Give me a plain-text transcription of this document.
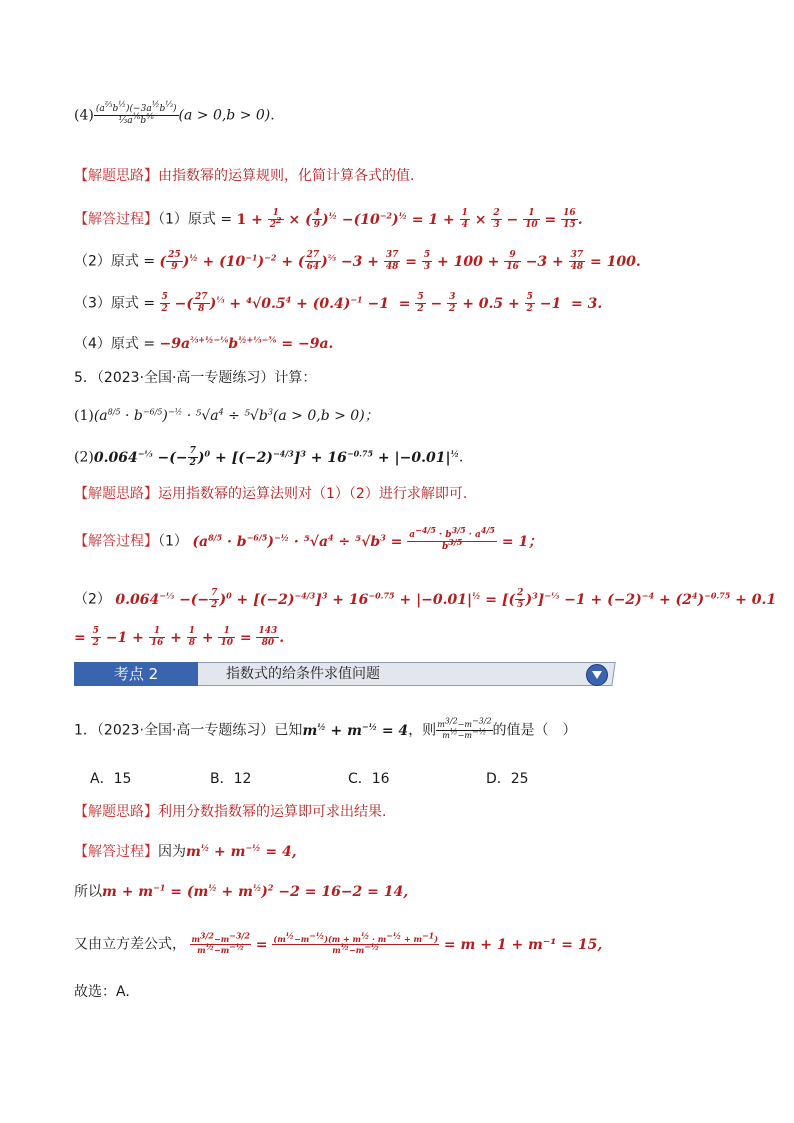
$(4) \frac{(a^{\frac{2}{3}}b^{\frac{1}{2}})(-3a^{\frac{1}{2}}b^{\frac{1}{3}})}{\frac{1}{3}a^{\frac{1}{6}}b^{\frac{5}{6}}} (a > 0,b > 0)$.
【解题思路】由指数幂的运算规则，化简计算各式的值.
【解答过程】（1）原式 = $1 + \frac{1}{2^2}$ × ( $\frac{4}{9} )^{\frac{1}{2}} -(10^{-2})^{\frac{1}{2}} = 1 + \frac{1}{4} \times \frac{2}{3} - \frac{1}{10} = \frac{16}{15}$ .
（2）原式 = ( $\frac{25}{9} )^{\frac{1}{2}} + (10^{-1})^{-2}$ + ( $\frac{27}{64} )^{\frac{2}{3}} -3 + \frac{37}{48} = \frac{5}{3} + 100 + \frac{9}{16} -3 + \frac{37}{48} = 100$.
（3）原式 = $\frac{5}{2}$ −( $\frac{27}{8} )^{\frac{1}{3}} + ^4√0.5^4 + (0.4)^{-1} -1 = \frac{5}{2} - \frac{3}{2} + 0.5 + \frac{5}{2} -1 = 3$.
（4）原式 = $-9a^{\frac{2}{3}+\frac{1}{2}-\frac{1}{6}}b^{\frac{1}{2}+\frac{1}{3}-\frac{5}{6}} = -9a$.
5．（2023·全国·高一专题练习）计算：
$(1)(a^{8/5} \cdot b^{-6/5})^{-\frac{1}{2}} \cdot ^5√a^4 \div ^5√b^3(a > 0,b > 0)$；
$(2)0.064^{-\frac{1}{3}}$ −(− $\frac{7}{2} )^0 + [(-2)^{-4/3}]^3 + 16^{-0.75} + |-0.01|^{\frac{1}{2}}$.
【解题思路】运用指数幂的运算法则对（1）（2）进行求解即可.
【解答过程】（1） $(a^{8/5} \cdot b^{-6/5})^{-\frac{1}{2}} \cdot ^5√a^4 \div ^5√b^3 = \frac{a^{-4/5} \cdot b^{3/5} \cdot a^{4/5}}{b^{3/5}} = 1$；
（2） $0.064^{-\frac{1}{3}}$ −(− $\frac{7}{2} )^0 + [(-2)^{-4/3}]^3 + 16^{-0.75} + |-0.01|^{\frac{1}{2}}$ = [( $\frac{2}{5} )^3]^{-\frac{1}{3}} -1 + (-2)^{-4} + (2^4)^{-0.75} + 0.1$
= $\frac{5}{2} -1 + \frac{1}{16} + \frac{1}{8} + \frac{1}{10} = \frac{143}{80}$ .
考点 2	指数式的给条件求值问题
1．（2023·全国·高一专题练习）已知$m^{\frac{1}{2}} + m^{-\frac{1}{2}} = 4$，则 $\frac{m^{3/2}-m^{-3/2}}{m^{\frac{1}{2}}-m^{-\frac{1}{2}}}$ 的值是（　）
A．15	B．12	C．16	D．25
【解题思路】利用分数指数幂的运算即可求出结果.
【解答过程】因为$m^{\frac{1}{2}} + m^{-\frac{1}{2}} = 4$,
所以$m + m^{-1} = (m^{\frac{1}{2}} + m^{\frac{1}{2}})^2 -2 = 16-2 = 14$,
又由立方差公式， $\frac{m^{3/2}-m^{-3/2}}{m^{\frac{1}{2}}-m^{-\frac{1}{2}}} = \frac{(m^{\frac{1}{2}}-m^{-\frac{1}{2}})(m + m^{\frac{1}{2}} \cdot m^{-\frac{1}{2}} + m^{-1})}{m^{\frac{1}{2}}-m^{-\frac{1}{2}}} = m + 1 + m^{-1} = 15$,
故选：A.
